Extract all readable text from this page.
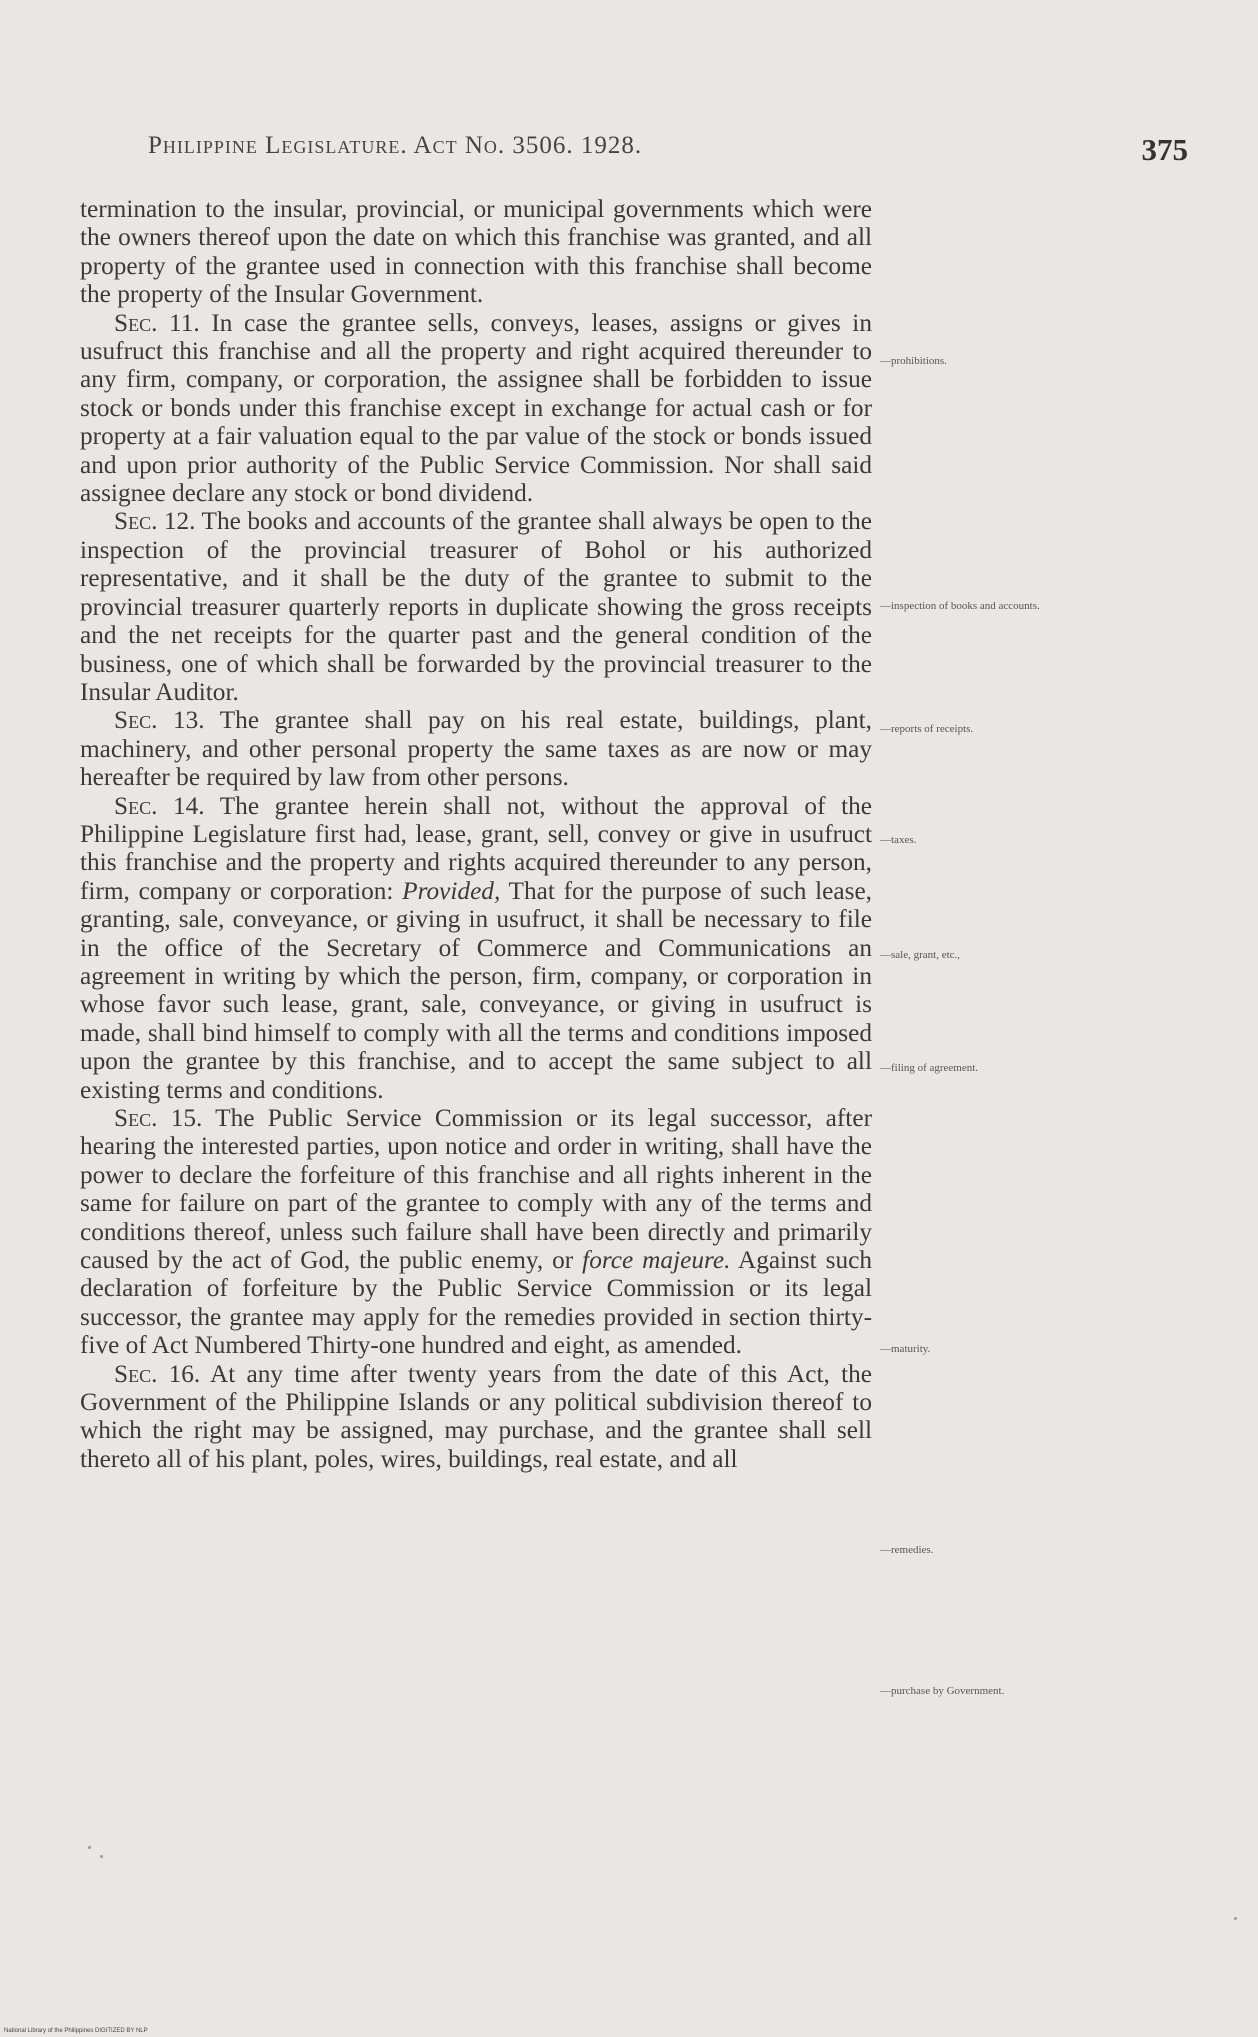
Philippine Legislature. Act No. 3506. 1928.	375

termination to the insular, provincial, or municipal governments which were the owners thereof upon the date on which this franchise was granted, and all property of the grantee used in connection with this franchise shall become the property of the Insular Government.

Sec. 11. In case the grantee sells, conveys, leases, assigns or gives in usufruct this franchise and all the property and right acquired thereunder to any firm, company, or corporation, the assignee shall be forbidden to issue stock or bonds under this franchise except in exchange for actual cash or for property at a fair valuation equal to the par value of the stock or bonds issued and upon prior authority of the Public Service Commission. Nor shall said assignee declare any stock or bond dividend.

Sec. 12. The books and accounts of the grantee shall always be open to the inspection of the provincial treasurer of Bohol or his authorized representative, and it shall be the duty of the grantee to submit to the provincial treasurer quarterly reports in duplicate showing the gross receipts and the net receipts for the quarter past and the general condition of the business, one of which shall be forwarded by the provincial treasurer to the Insular Auditor.

Sec. 13. The grantee shall pay on his real estate, buildings, plant, machinery, and other personal property the same taxes as are now or may hereafter be required by law from other persons.

Sec. 14. The grantee herein shall not, without the approval of the Philippine Legislature first had, lease, grant, sell, convey or give in usufruct this franchise and the property and rights acquired thereunder to any person, firm, company or corporation: Provided, That for the purpose of such lease, granting, sale, conveyance, or giving in usufruct, it shall be necessary to file in the office of the Secretary of Commerce and Communications an agreement in writing by which the person, firm, company, or corporation in whose favor such lease, grant, sale, conveyance, or giving in usufruct is made, shall bind himself to comply with all the terms and conditions imposed upon the grantee by this franchise, and to accept the same subject to all existing terms and conditions.

Sec. 15. The Public Service Commission or its legal successor, after hearing the interested parties, upon notice and order in writing, shall have the power to declare the forfeiture of this franchise and all rights inherent in the same for failure on part of the grantee to comply with any of the terms and conditions thereof, unless such failure shall have been directly and primarily caused by the act of God, the public enemy, or force majeure. Against such declaration of forfeiture by the Public Service Commission or its legal successor, the grantee may apply for the remedies provided in section thirty-five of Act Numbered Thirty-one hundred and eight, as amended.

Sec. 16. At any time after twenty years from the date of this Act, the Government of the Philippine Islands or any political subdivision thereof to which the right may be assigned, may purchase, and the grantee shall sell thereto all of his plant, poles, wires, buildings, real estate, and all

—prohibitions.
—inspection of books and accounts.
—reports of receipts.
—taxes.
—sale, grant, etc.,
—filing of agreement.
—maturity.
—remedies.
—purchase by Government.
National Library of the Philippines DIGITIZED BY NLP
